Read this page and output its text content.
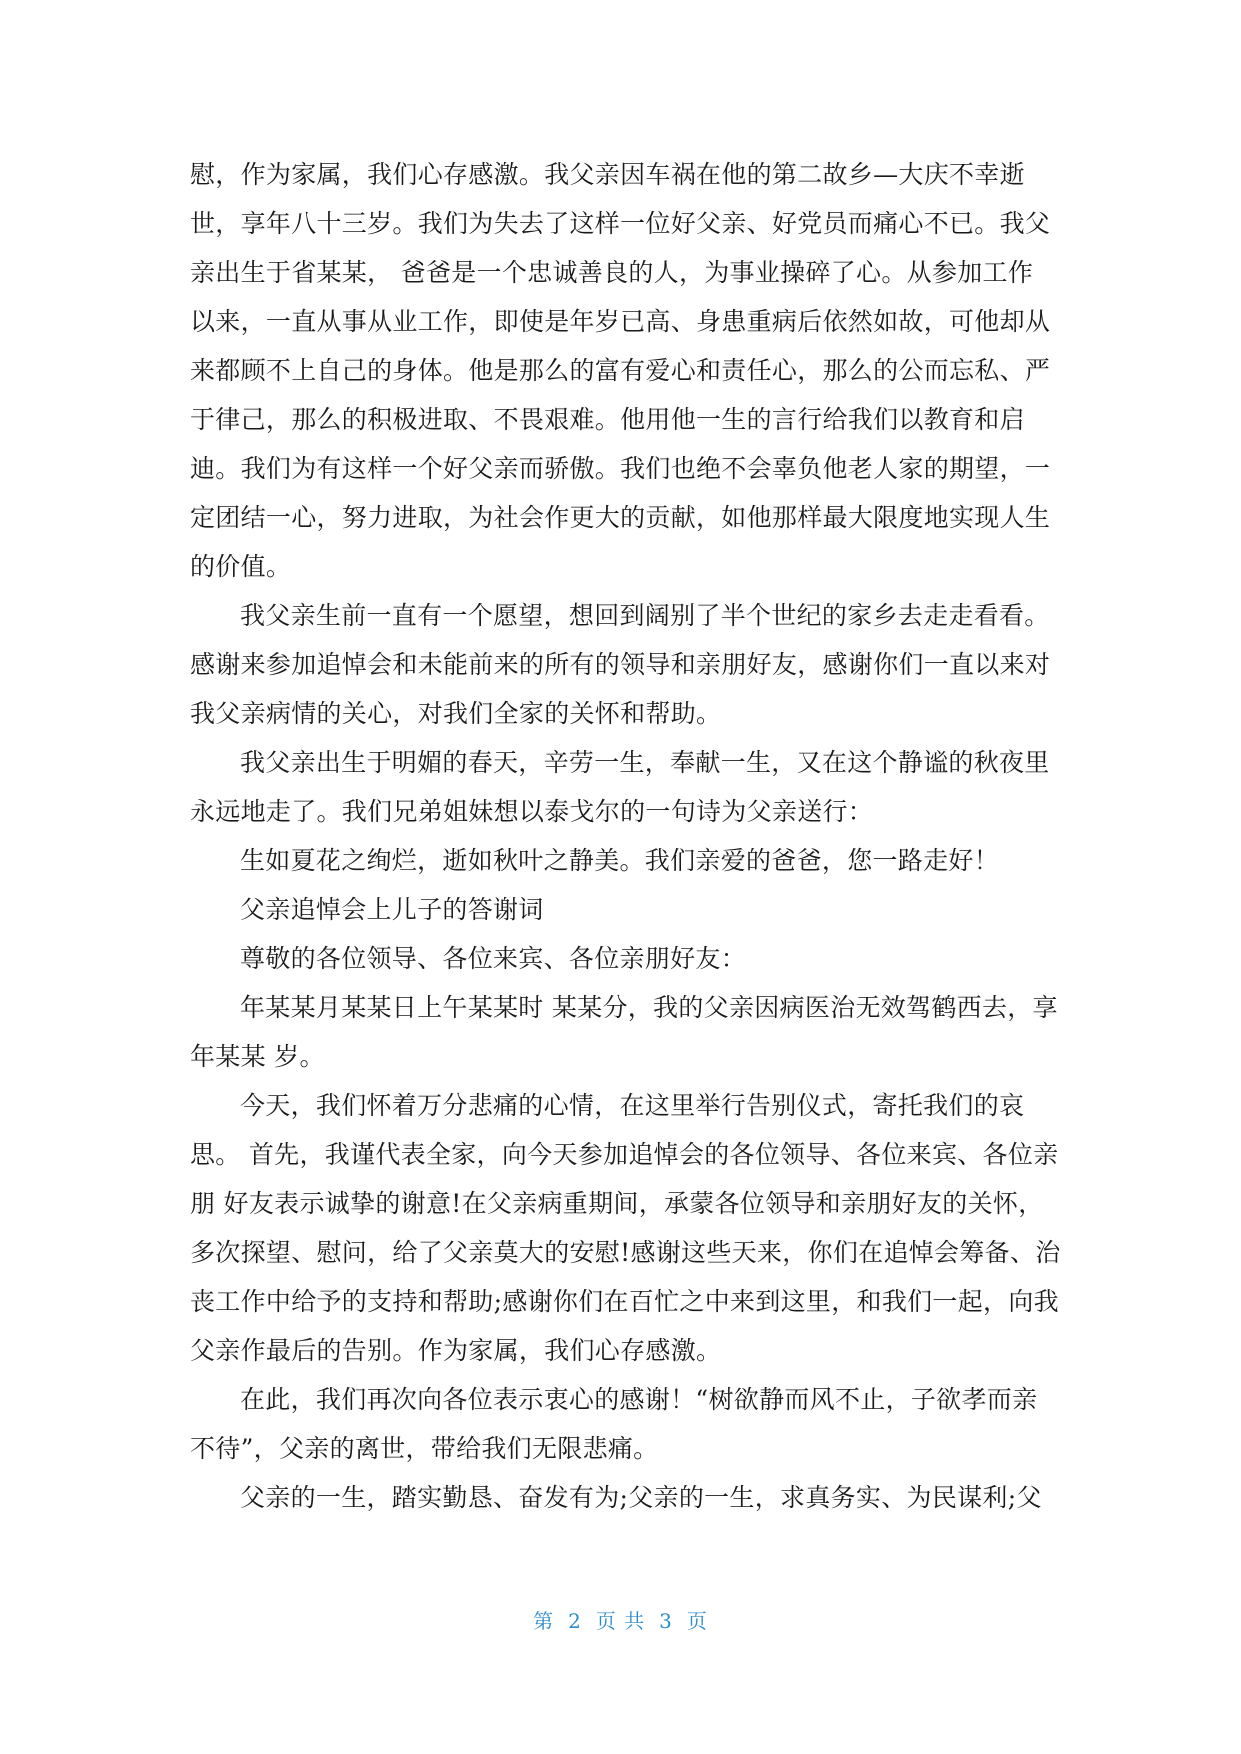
慰，作为家属，我们心存感激。我父亲因车祸在他的第二故乡—大庆不幸逝
世，享年八十三岁。我们为失去了这样一位好父亲、好党员而痛心不已。我父
亲出生于省某某， 爸爸是一个忠诚善良的人，为事业操碎了心。从参加工作
以来，一直从事从业工作，即使是年岁已高、身患重病后依然如故，可他却从
来都顾不上自己的身体。他是那么的富有爱心和责任心，那么的公而忘私、严
于律己，那么的积极进取、不畏艰难。他用他一生的言行给我们以教育和启
迪。我们为有这样一个好父亲而骄傲。我们也绝不会辜负他老人家的期望，一
定团结一心，努力进取，为社会作更大的贡献，如他那样最大限度地实现人生
的价值。
我父亲生前一直有一个愿望，想回到阔别了半个世纪的家乡去走走看看。
感谢来参加追悼会和未能前来的所有的领导和亲朋好友，感谢你们一直以来对
我父亲病情的关心，对我们全家的关怀和帮助。
我父亲出生于明媚的春天，辛劳一生，奉献一生，又在这个静谧的秋夜里
永远地走了。我们兄弟姐妹想以泰戈尔的一句诗为父亲送行：
生如夏花之绚烂，逝如秋叶之静美。我们亲爱的爸爸，您一路走好！
父亲追悼会上儿子的答谢词
尊敬的各位领导、各位来宾、各位亲朋好友：
年某某月某某日上午某某时 某某分，我的父亲因病医治无效驾鹤西去，享
年某某 岁。
今天，我们怀着万分悲痛的心情，在这里举行告别仪式，寄托我们的哀
思。 首先，我谨代表全家，向今天参加追悼会的各位领导、各位来宾、各位亲
朋 好友表示诚挚的谢意!在父亲病重期间，承蒙各位领导和亲朋好友的关怀，
多次探望、慰问，给了父亲莫大的安慰!感谢这些天来，你们在追悼会筹备、治
丧工作中给予的支持和帮助;感谢你们在百忙之中来到这里，和我们一起，向我
父亲作最后的告别。作为家属，我们心存感激。
在此，我们再次向各位表示衷心的感谢！“树欲静而风不止，子欲孝而亲
不待”，父亲的离世，带给我们无限悲痛。
父亲的一生，踏实勤恳、奋发有为;父亲的一生，求真务实、为民谋利;父
第 2 页 共 3 页
